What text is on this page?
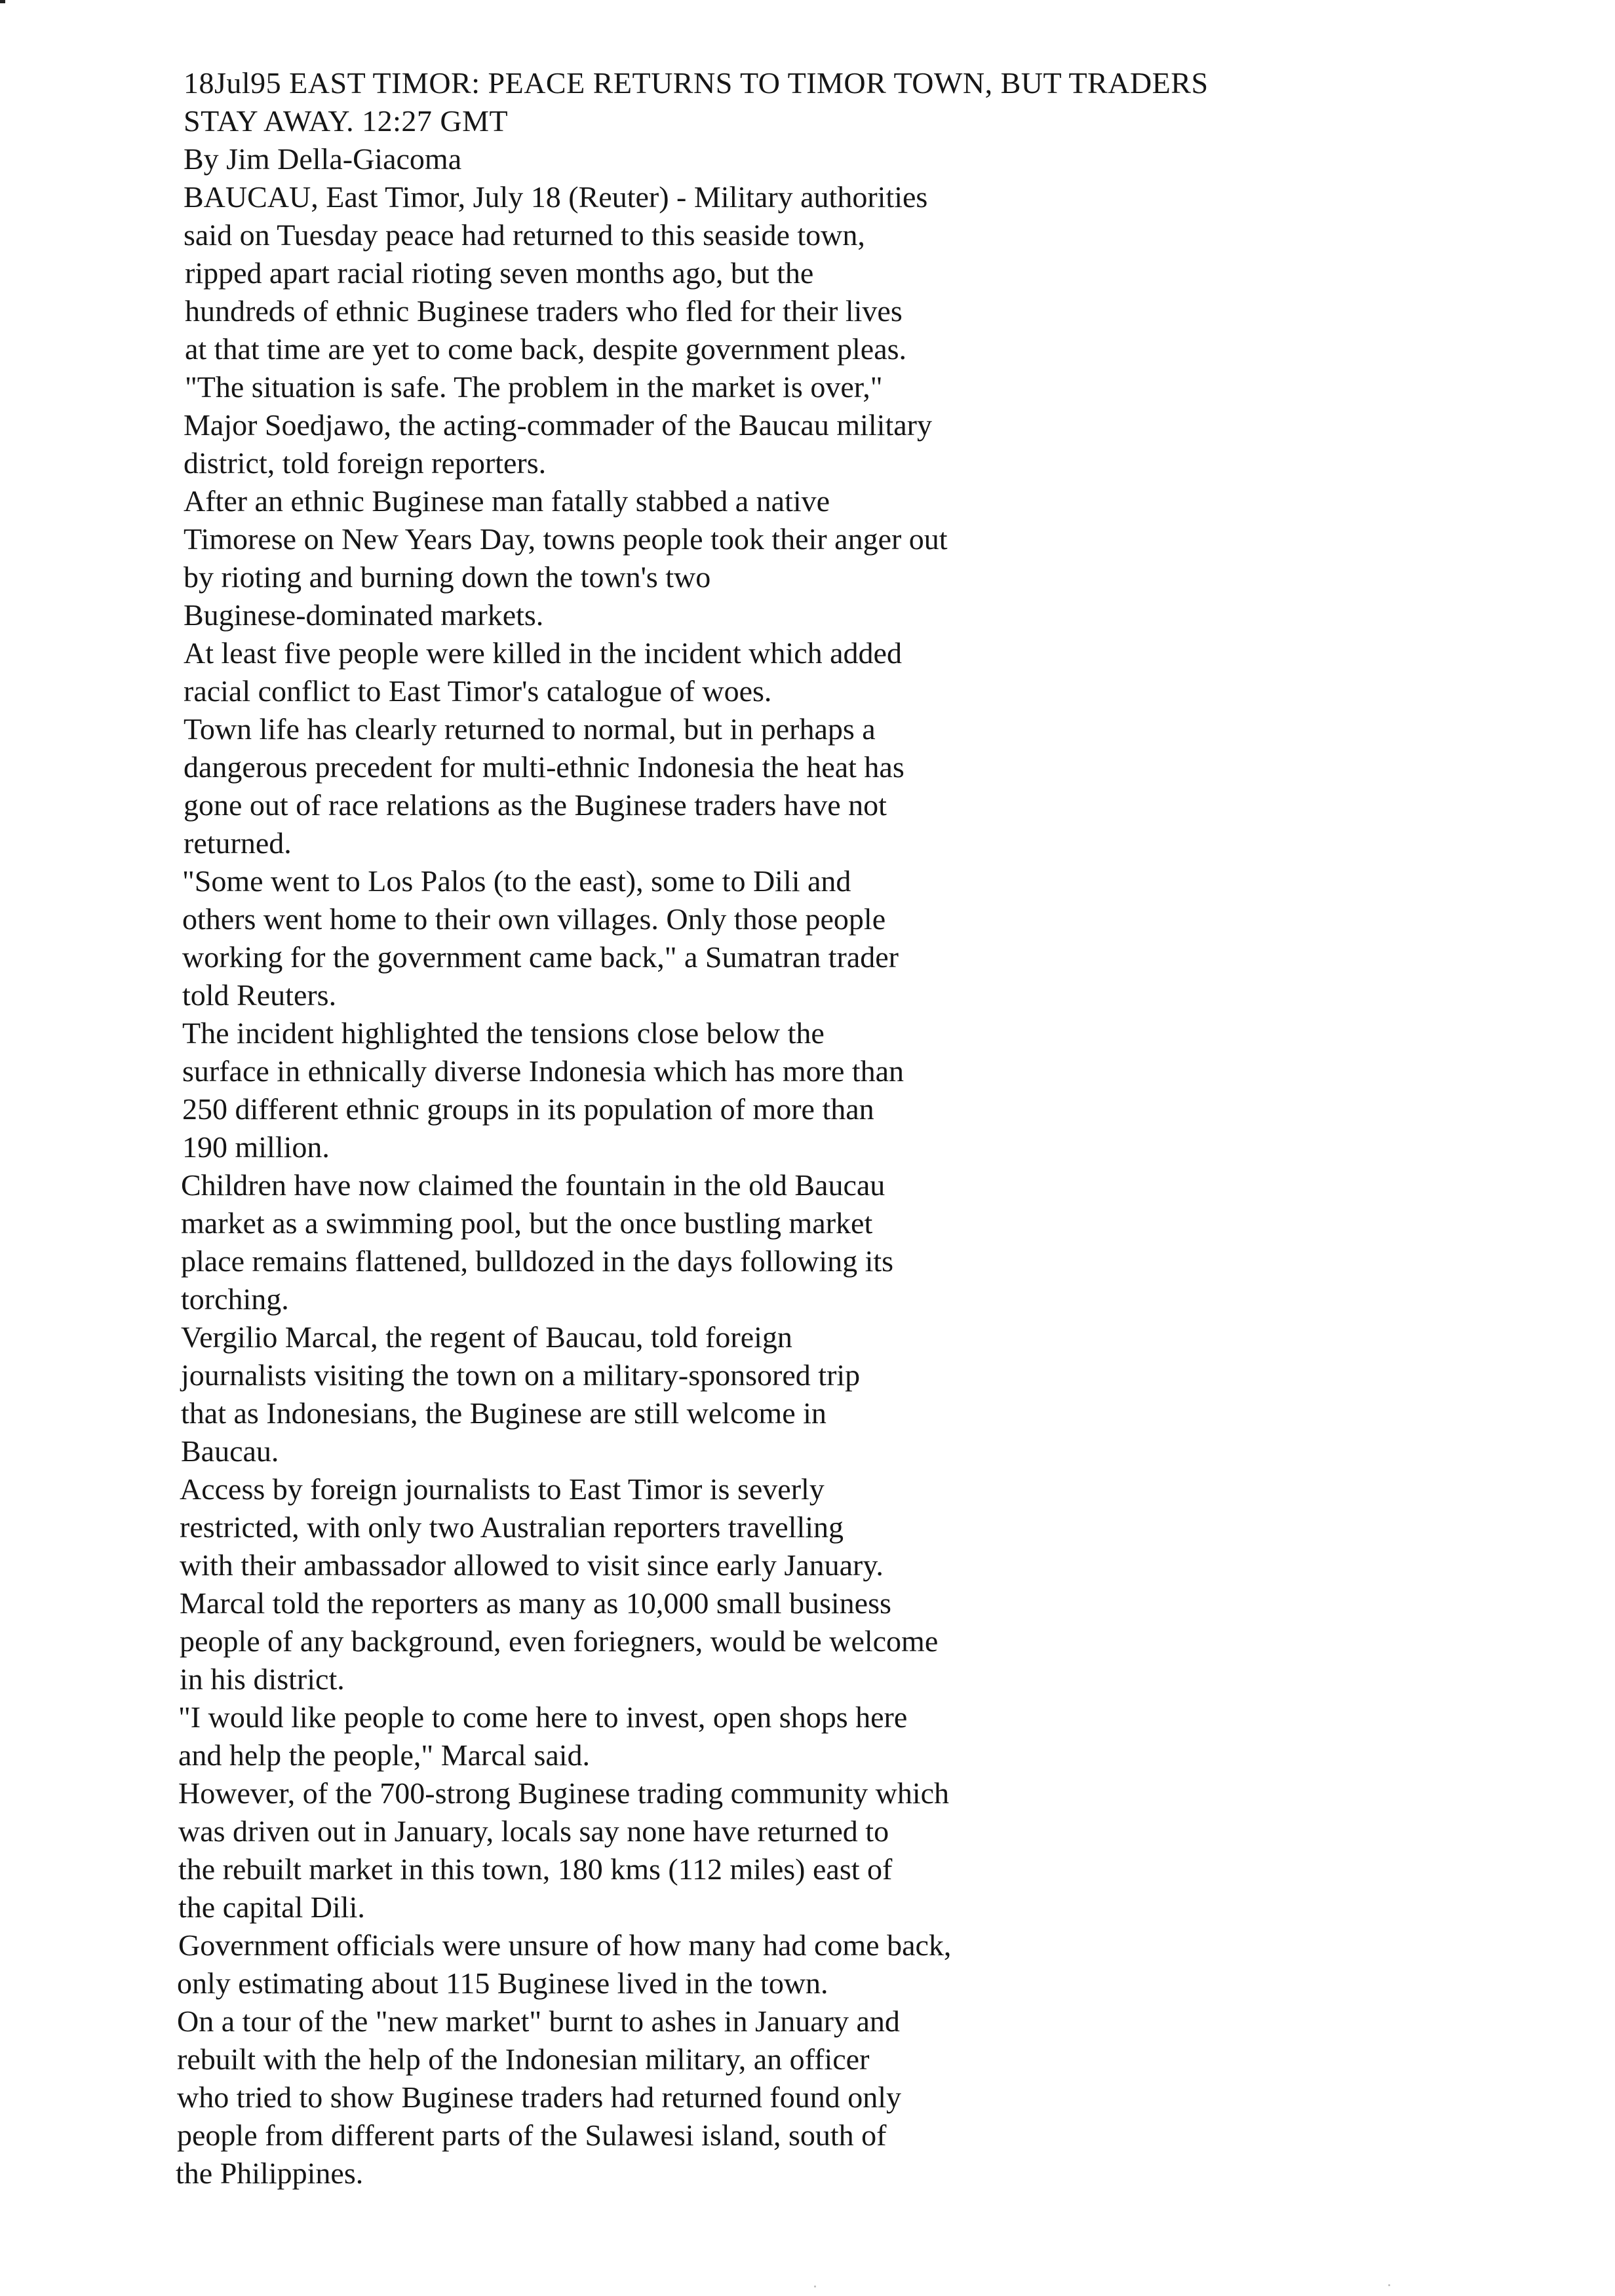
18Jul95 EAST TIMOR: PEACE RETURNS TO TIMOR TOWN, BUT TRADERS
STAY AWAY. 12:27 GMT
By Jim Della-Giacoma
BAUCAU, East Timor, July 18 (Reuter) - Military authorities
said on Tuesday peace had returned to this seaside town,
ripped apart racial rioting seven months ago, but the
hundreds of ethnic Buginese traders who fled for their lives
at that time are yet to come back, despite government pleas.
"The situation is safe. The problem in the market is over,"
Major Soedjawo, the acting-commader of the Baucau military
district, told foreign reporters.
After an ethnic Buginese man fatally stabbed a native
Timorese on New Years Day, towns people took their anger out
by rioting and burning down the town's two
Buginese-dominated markets.
At least five people were killed in the incident which added
racial conflict to East Timor's catalogue of woes.
Town life has clearly returned to normal, but in perhaps a
dangerous precedent for multi-ethnic Indonesia the heat has
gone out of race relations as the Buginese traders have not
returned.
"Some went to Los Palos (to the east), some to Dili and
others went home to their own villages. Only those people
working for the government came back," a Sumatran trader
told Reuters.
The incident highlighted the tensions close below the
surface in ethnically diverse Indonesia which has more than
250 different ethnic groups in its population of more than
190 million.
Children have now claimed the fountain in the old Baucau
market as a swimming pool, but the once bustling market
place remains flattened, bulldozed in the days following its
torching.
Vergilio Marcal, the regent of Baucau, told foreign
journalists visiting the town on a military-sponsored trip
that as Indonesians, the Buginese are still welcome in
Baucau.
Access by foreign journalists to East Timor is severly
restricted, with only two Australian reporters travelling
with their ambassador allowed to visit since early January.
Marcal told the reporters as many as 10,000 small business
people of any background, even foriegners, would be welcome
in his district.
"I would like people to come here to invest, open shops here
and help the people," Marcal said.
However, of the 700-strong Buginese trading community which
was driven out in January, locals say none have returned to
the rebuilt market in this town, 180 kms (112 miles) east of
the capital Dili.
Government officials were unsure of how many had come back,
only estimating about 115 Buginese lived in the town.
On a tour of the "new market" burnt to ashes in January and
rebuilt with the help of the Indonesian military, an officer
who tried to show Buginese traders had returned found only
people from different parts of the Sulawesi island, south of
the Philippines.
